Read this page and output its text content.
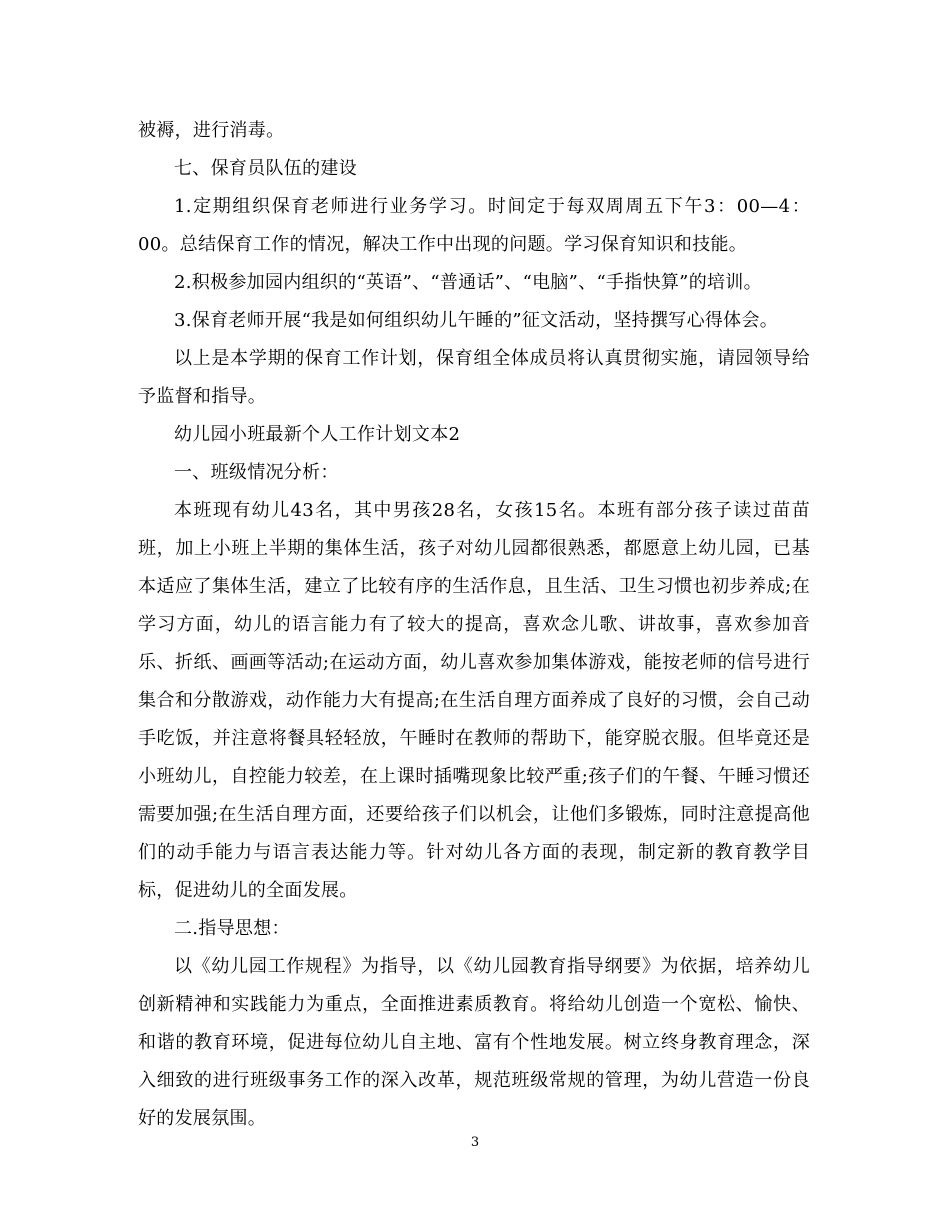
被褥，进行消毒。

七、保育员队伍的建设

1.定期组织保育老师进行业务学习。时间定于每双周周五下午3：00—4：00。总结保育工作的情况，解决工作中出现的问题。学习保育知识和技能。

2.积极参加园内组织的“英语”、“普通话”、“电脑”、“手指快算”的培训。

3.保育老师开展“我是如何组织幼儿午睡的”征文活动，坚持撰写心得体会。

以上是本学期的保育工作计划，保育组全体成员将认真贯彻实施，请园领导给予监督和指导。

幼儿园小班最新个人工作计划文本2

一、班级情况分析：

本班现有幼儿43名，其中男孩28名，女孩15名。本班有部分孩子读过苗苗班，加上小班上半期的集体生活，孩子对幼儿园都很熟悉，都愿意上幼儿园，已基本适应了集体生活，建立了比较有序的生活作息，且生活、卫生习惯也初步养成;在学习方面，幼儿的语言能力有了较大的提高，喜欢念儿歌、讲故事，喜欢参加音乐、折纸、画画等活动;在运动方面，幼儿喜欢参加集体游戏，能按老师的信号进行集合和分散游戏，动作能力大有提高;在生活自理方面养成了良好的习惯，会自己动手吃饭，并注意将餐具轻轻放，午睡时在教师的帮助下，能穿脱衣服。但毕竟还是小班幼儿，自控能力较差，在上课时插嘴现象比较严重;孩子们的午餐、午睡习惯还需要加强;在生活自理方面，还要给孩子们以机会，让他们多锻炼，同时注意提高他们的动手能力与语言表达能力等。针对幼儿各方面的表现，制定新的教育教学目标，促进幼儿的全面发展。

二.指导思想：

以《幼儿园工作规程》为指导，以《幼儿园教育指导纲要》为依据，培养幼儿创新精神和实践能力为重点，全面推进素质教育。将给幼儿创造一个宽松、愉快、和谐的教育环境，促进每位幼儿自主地、富有个性地发展。树立终身教育理念，深入细致的进行班级事务工作的深入改革，规范班级常规的管理，为幼儿营造一份良好的发展氛围。

3
